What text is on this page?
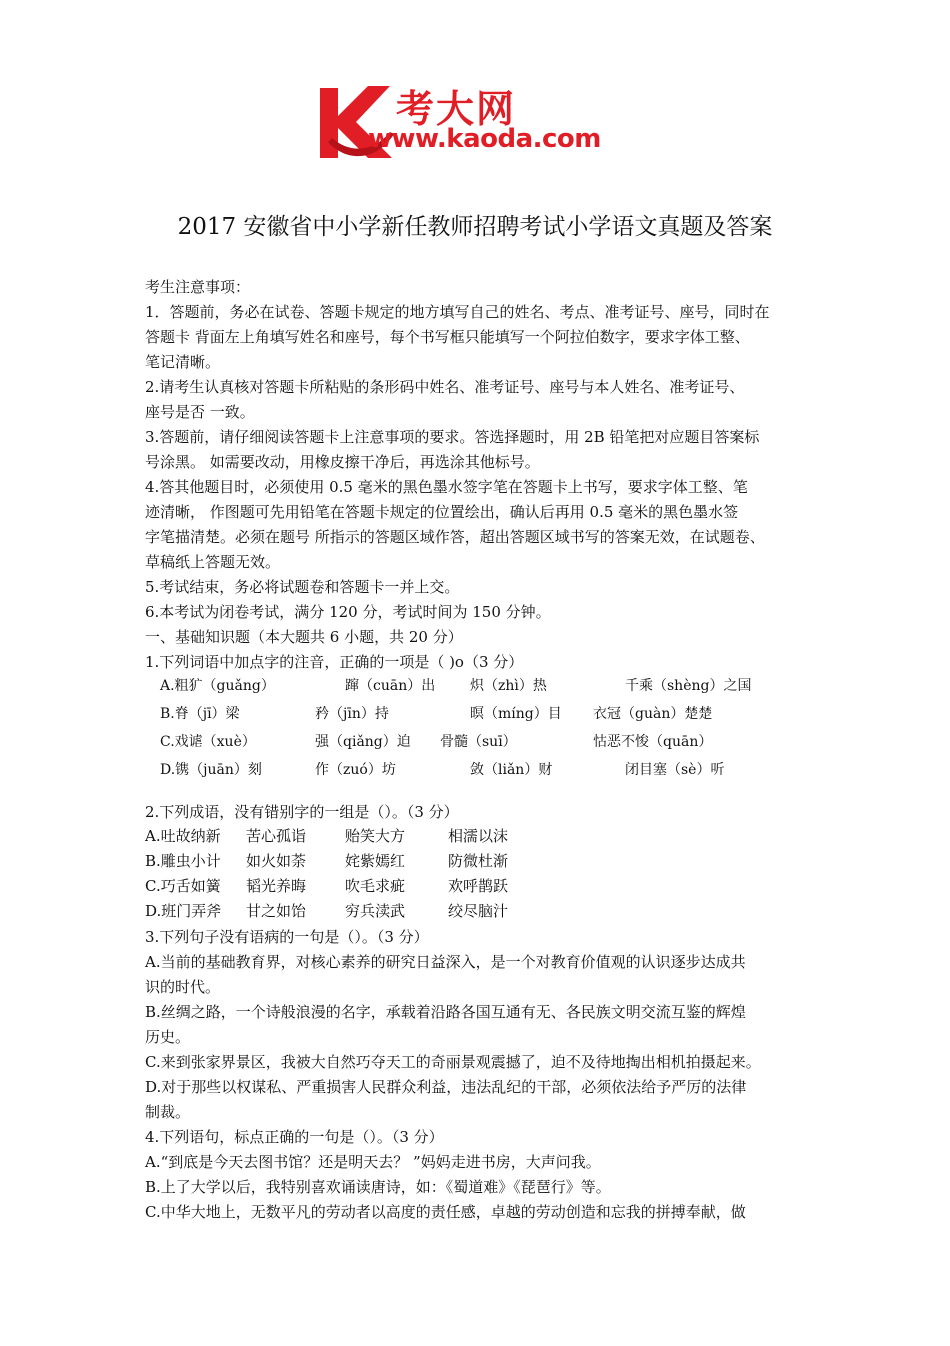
考大网
www.kaoda.com
2017 安徽省中小学新任教师招聘考试小学语文真题及答案
考生注意事项：
1．答题前，务必在试卷、答题卡规定的地方填写自己的姓名、考点、准考证号、座号，同时在
答题卡 背面左上角填写姓名和座号，每个书写框只能填写一个阿拉伯数字，要求字体工整、
笔记清晰。
2.请考生认真核对答题卡所粘贴的条形码中姓名、准考证号、座号与本人姓名、准考证号、
座号是否 一致。
3.答题前，请仔细阅读答题卡上注意事项的要求。答选择题时，用 2B 铅笔把对应题目答案标
号涂黑。 如需要改动，用橡皮擦干净后，再选涂其他标号。
4.答其他题目时，必须使用 0.5 毫米的黑色墨水签字笔在答题卡上书写，要求字体工整、笔
迹清晰， 作图题可先用铅笔在答题卡规定的位置绘出，确认后再用 0.5 毫米的黑色墨水签
字笔描清楚。必须在题号 所指示的答题区域作答，超出答题区域书写的答案无效，在试题卷、
草稿纸上答题无效。
5.考试结束，务必将试题卷和答题卡一并上交。
6.本考试为闭卷考试，满分 120 分，考试时间为 150 分钟。
一、基础知识题（本大题共 6 小题，共 20 分）
1.下列词语中加点字的注音，正确的一项是（ )o（3 分）
A.粗犷（guǎng）	蹿（cuān）出 炽（zhì）热	千乘（shèng）之国
B.脊（jī）梁	矜（jīn）持	暝（míng）目 衣冠（guàn）楚楚
C.戏谑（xuè）	强（qiǎng）迫 骨髓（suī）	怙恶不悛（quān）
D.镌（juān）刻	作（zuó）坊	敛（liǎn）财	闭目塞（sè）听
2.下列成语，没有错别字的一组是（）。（3 分）
A.吐故纳新 苦心孤诣	贻笑大方	相濡以沫
B.雕虫小计 如火如荼	姹紫嫣红	防微杜渐
C.巧舌如簧 韬光养晦	吹毛求疵	欢呼鹊跃
D.班门弄斧 甘之如饴	穷兵渎武	绞尽脑汁
3.下列句子没有语病的一句是（）。（3 分）
A.当前的基础教育界，对核心素养的研究日益深入，是一个对教育价值观的认识逐步达成共
识的时代。
B.丝绸之路，一个诗般浪漫的名字，承载着沿路各国互通有无、各民族文明交流互鉴的辉煌
历史。
C.来到张家界景区，我被大自然巧夺天工的奇丽景观震撼了，迫不及待地掏出相机拍摄起来。
D.对于那些以权谋私、严重损害人民群众利益，违法乱纪的干部，必须依法给予严厉的法律
制裁。
4.下列语句，标点正确的一句是（）。（3 分）
A.“到底是今天去图书馆？还是明天去？ ”妈妈走进书房，大声问我。
B.上了大学以后，我特别喜欢诵读唐诗，如：《蜀道难》《琵琶行》等。
C.中华大地上，无数平凡的劳动者以高度的责任感，卓越的劳动创造和忘我的拼搏奉献，做
